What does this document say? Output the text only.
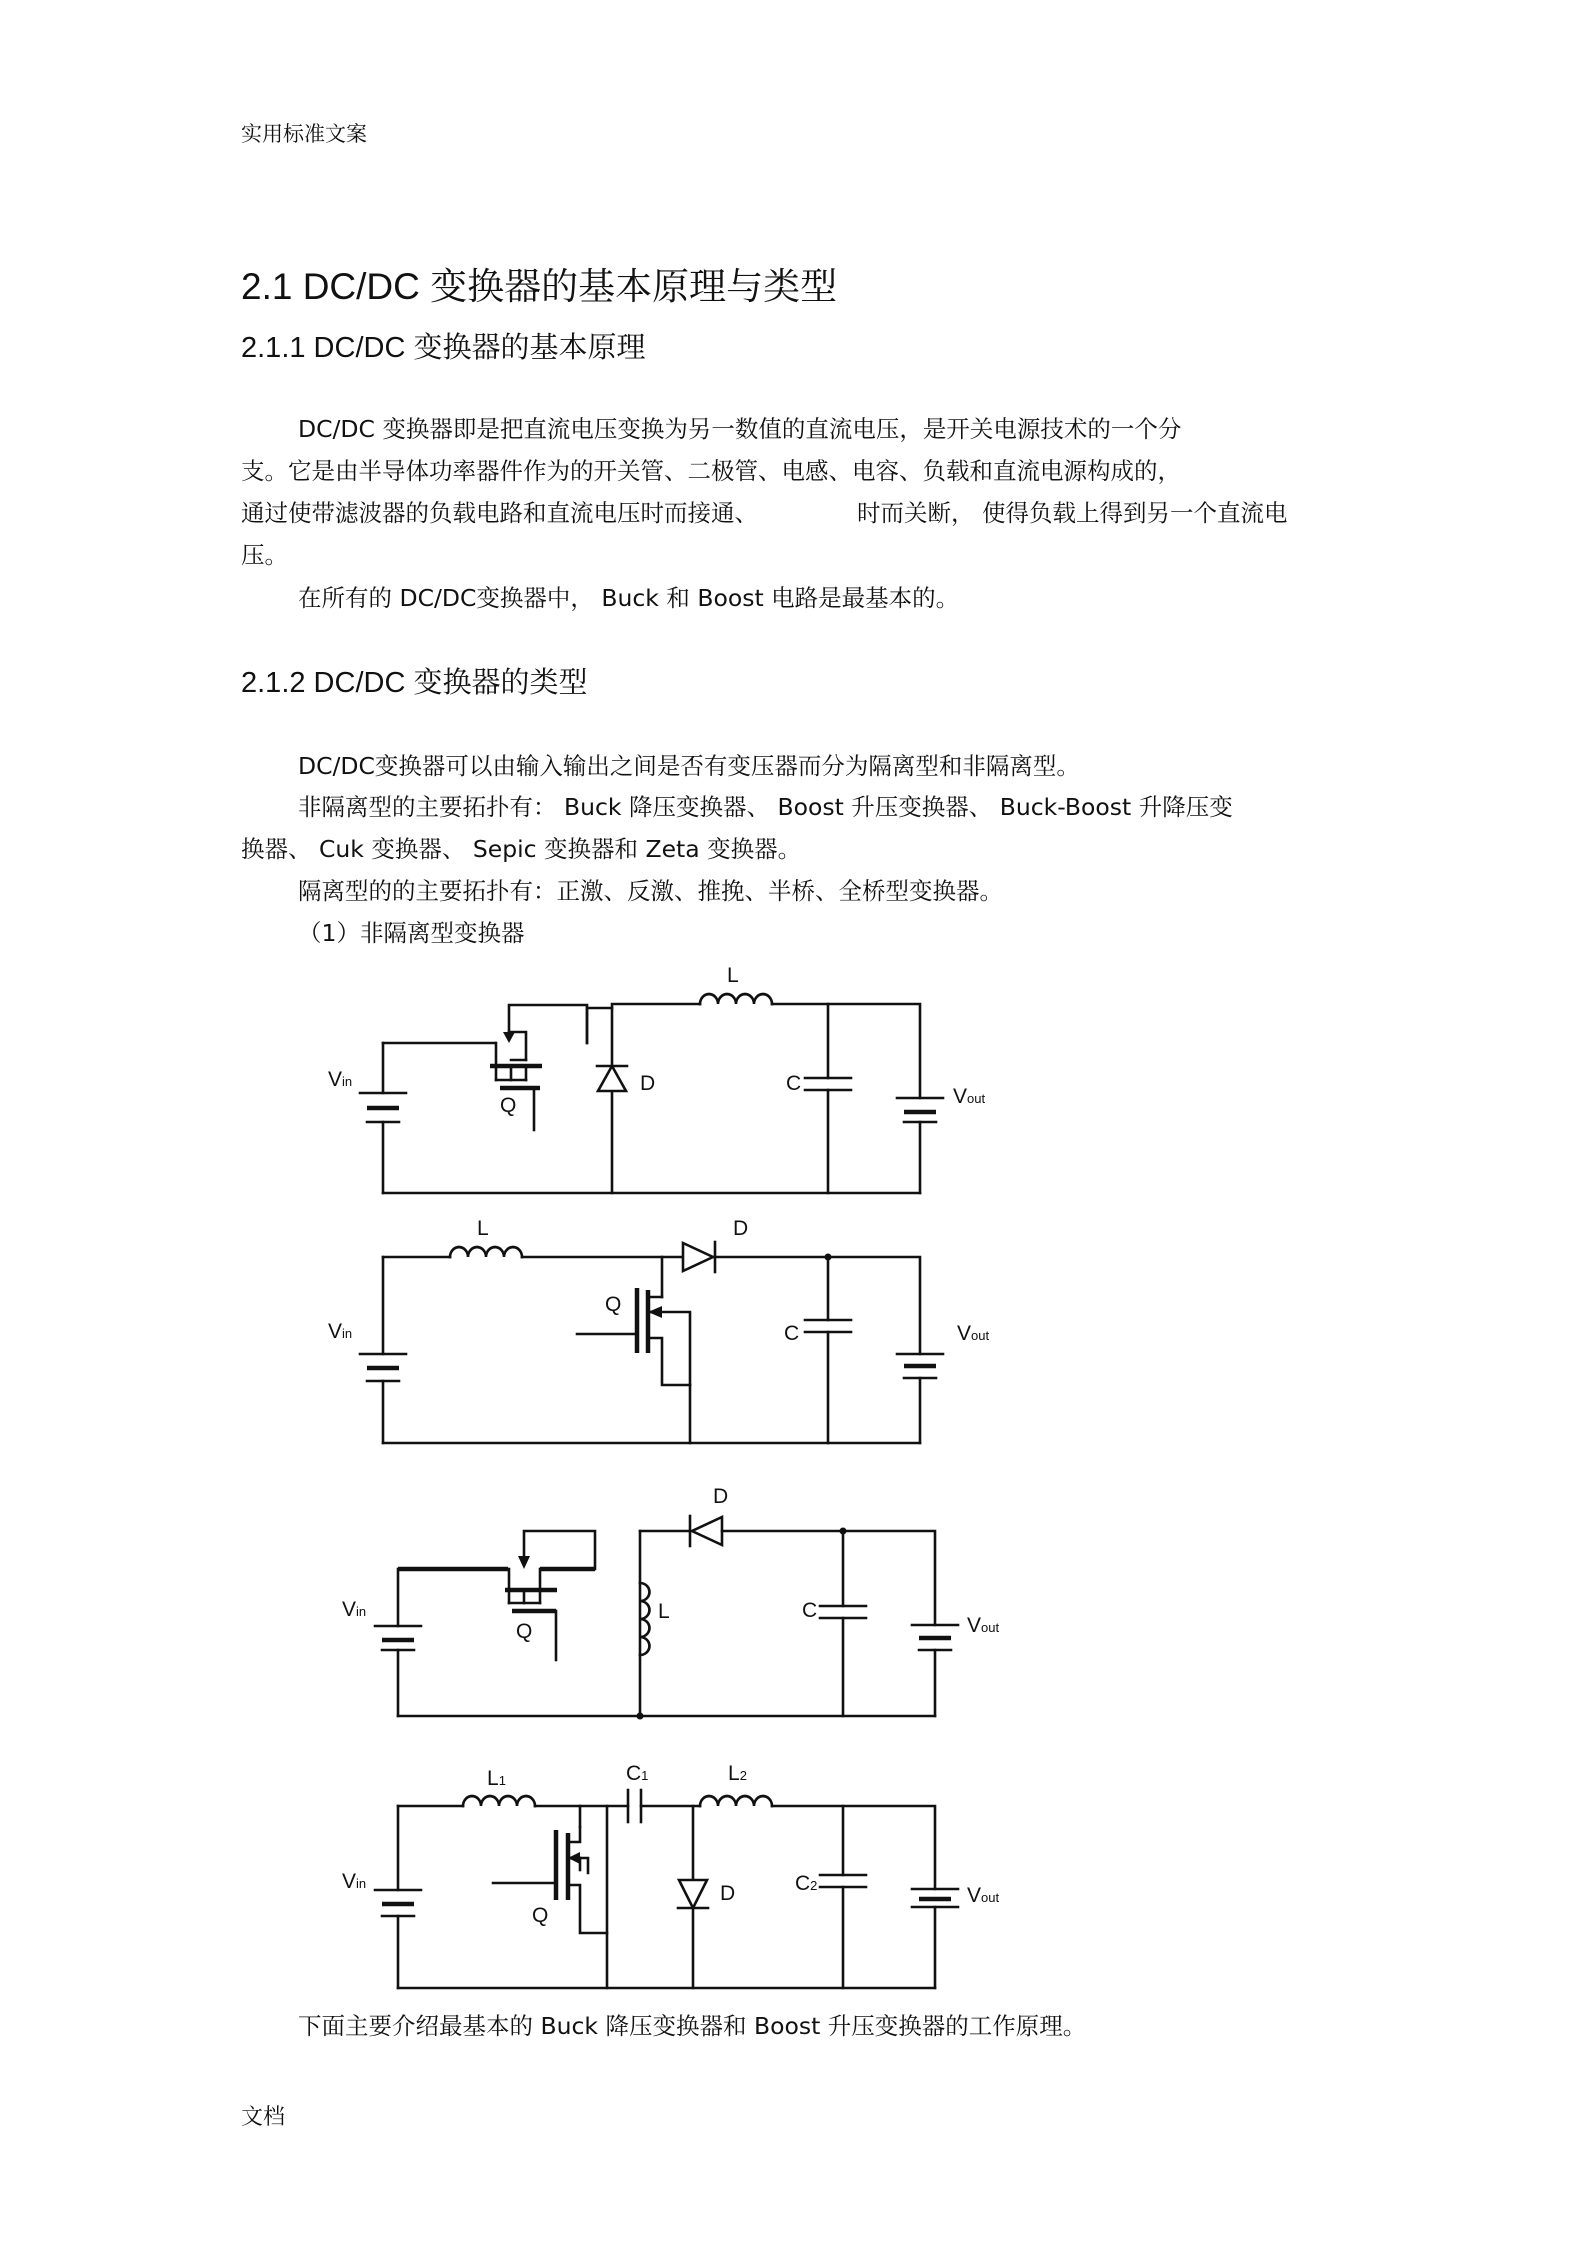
实用标准文案
2.1 DC/DC 变换器的基本原理与类型
2.1.1 DC/DC 变换器的基本原理
DC/DC 变换器即是把直流电压变换为另一数值的直流电压，是开关电源技术的一个分
支。它是由半导体功率器件作为的开关管、二极管、电感、电容、负载和直流电源构成的，
通过使带滤波器的负载电路和直流电压时而接通、	时而关断， 使得负载上得到另一个直流电
压。
在所有的 DC/DC变换器中， Buck 和 Boost 电路是最基本的。
2.1.2 DC/DC 变换器的类型
DC/DC变换器可以由输入输出之间是否有变压器而分为隔离型和非隔离型。
非隔离型的主要拓扑有： Buck 降压变换器、 Boost 升压变换器、 Buck-Boost 升降压变
换器、 Cuk 变换器、 Sepic 变换器和 Zeta 变换器。
隔离型的的主要拓扑有：正激、反激、推挽、半桥、全桥型变换器。
（1）非隔离型变换器
L
D	C
Q
Vin
Vout
L	D
Q
C
Vin	Vout
D
L	C
Q
Vin
Vout
L1	C1	L2
D	C2
Q
Vin
Vout
下面主要介绍最基本的 Buck 降压变换器和 Boost 升压变换器的工作原理。
文档
